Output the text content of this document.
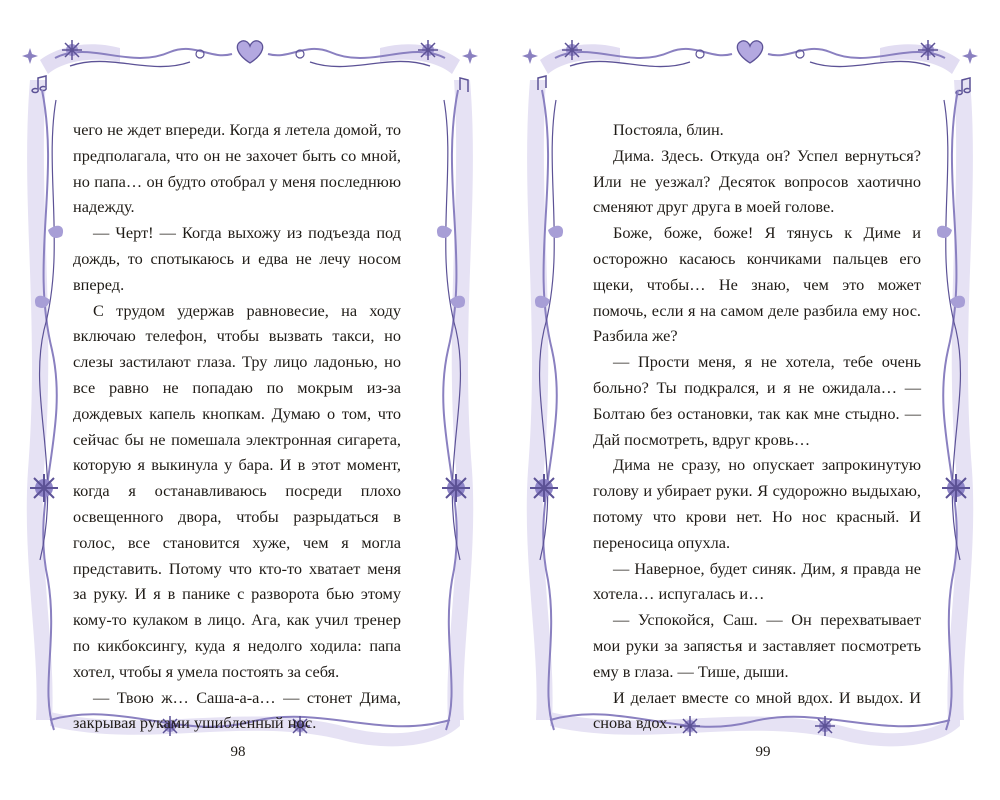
чего не ждет впереди. Когда я летела домой, то предполагала, что он не захочет быть со мной, но папа… он будто отобрал у меня последнюю надежду.

— Черт! — Когда выхожу из подъезда под дождь, то спотыкаюсь и едва не лечу носом вперед.

С трудом удержав равновесие, на ходу включаю телефон, чтобы вызвать такси, но слезы застилают глаза. Тру лицо ладонью, но все равно не попадаю по мокрым из-за дождевых капель кнопкам. Думаю о том, что сейчас бы не помешала электронная сигарета, которую я выкинула у бара. И в этот момент, когда я останавливаюсь посреди плохо освещенного двора, чтобы разрыдаться в голос, все становится хуже, чем я могла представить. Потому что кто-то хватает меня за руку. И я в панике с разворота бью этому кому-то кулаком в лицо. Ага, как учил тренер по кикбоксингу, куда я недолго ходила: папа хотел, чтобы я умела постоять за себя.

— Твою ж… Саша-а-а… — стонет Дима, закрывая руками ушибленный нос.

98

Постояла, блин.

Дима. Здесь. Откуда он? Успел вернуться? Или не уезжал? Десяток вопросов хаотично сменяют друг друга в моей голове.

Боже, боже, боже! Я тянусь к Диме и осторожно касаюсь кончиками пальцев его щеки, чтобы… Не знаю, чем это может помочь, если я на самом деле разбила ему нос. Разбила же?

— Прости меня, я не хотела, тебе очень больно? Ты подкрался, и я не ожидала… — Болтаю без остановки, так как мне стыдно. — Дай посмотреть, вдруг кровь…

Дима не сразу, но опускает запрокинутую голову и убирает руки. Я судорожно выдыхаю, потому что крови нет. Но нос красный. И переносица опухла.

— Наверное, будет синяк. Дим, я правда не хотела… испугалась и…

— Успокойся, Саш. — Он перехватывает мои руки за запястья и заставляет посмотреть ему в глаза. — Тише, дыши.

И делает вместе со мной вдох. И выдох. И снова вдох…

99
